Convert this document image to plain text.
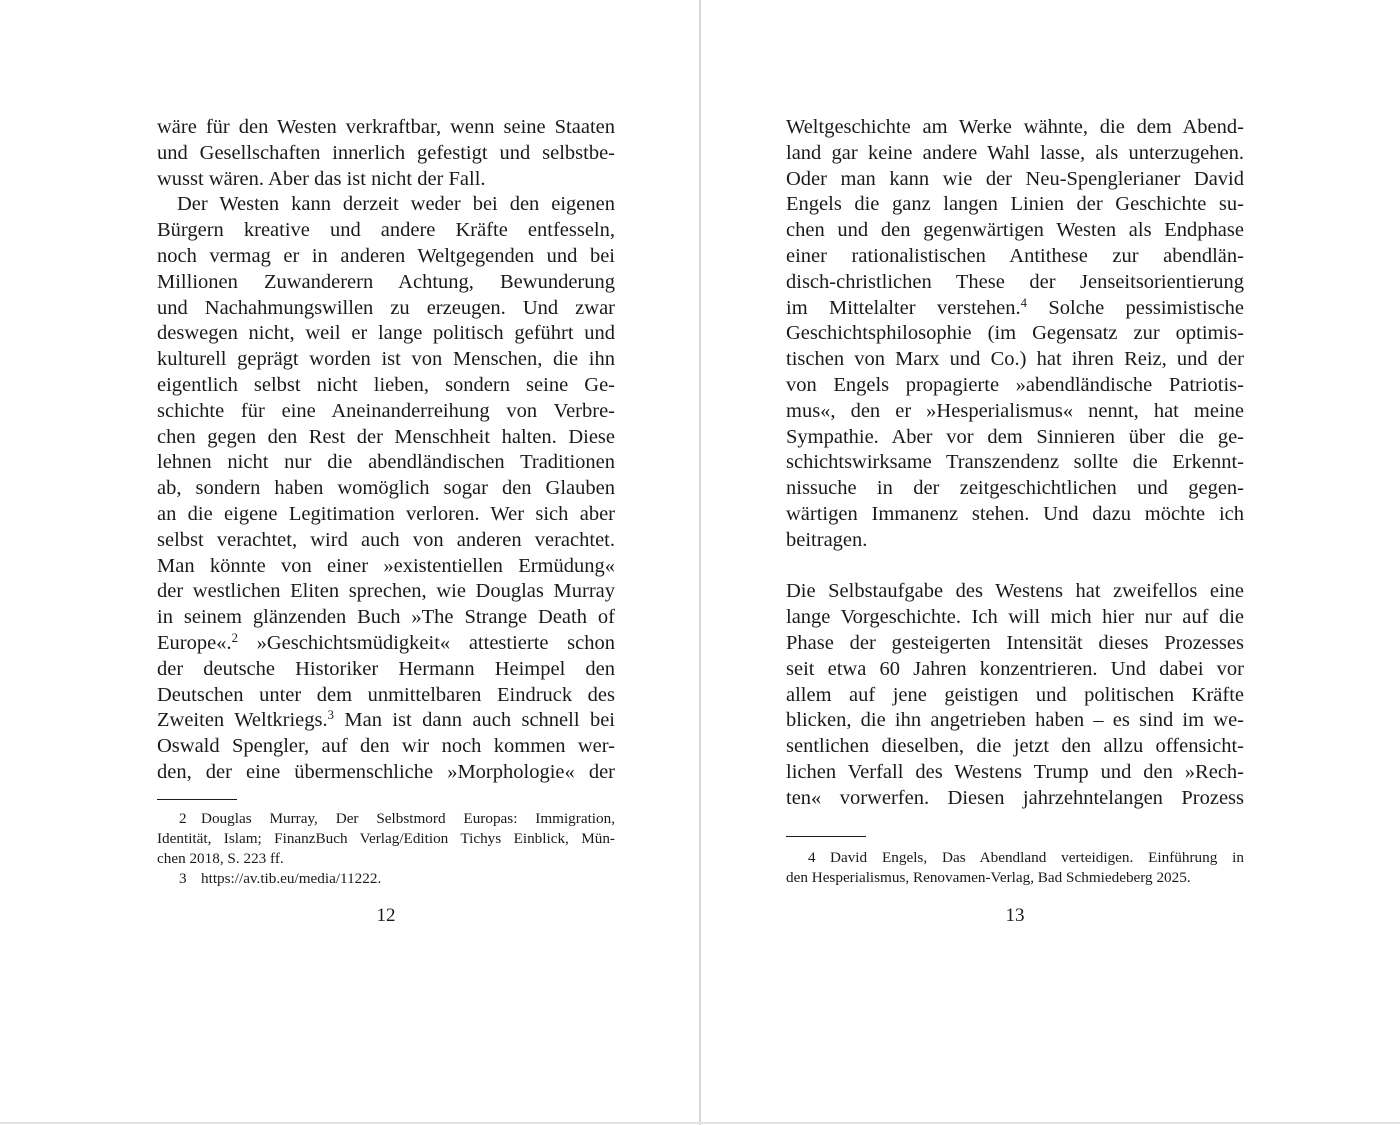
wäre für den Westen verkraftbar, wenn seine Staaten
und Gesellschaften innerlich gefestigt und selbstbe-
wusst wären. Aber das ist nicht der Fall.
Der Westen kann derzeit weder bei den eigenen
Bürgern kreative und andere Kräfte entfesseln,
noch vermag er in anderen Weltgegenden und bei
Millionen Zuwanderern Achtung, Bewunderung
und Nachahmungswillen zu erzeugen. Und zwar
deswegen nicht, weil er lange politisch geführt und
kulturell geprägt worden ist von Menschen, die ihn
eigentlich selbst nicht lieben, sondern seine Ge-
schichte für eine Aneinanderreihung von Verbre-
chen gegen den Rest der Menschheit halten. Diese
lehnen nicht nur die abendländischen Traditionen
ab, sondern haben womöglich sogar den Glauben
an die eigene Legitimation verloren. Wer sich aber
selbst verachtet, wird auch von anderen verachtet.
Man könnte von einer »existentiellen Ermüdung«
der westlichen Eliten sprechen, wie Douglas Murray
in seinem glänzenden Buch »The Strange Death of
Europe«.$^2$ »Geschichtsmüdigkeit« attestierte schon
der deutsche Historiker Hermann Heimpel den
Deutschen unter dem unmittelbaren Eindruck des
Zweiten Weltkriegs.$^3$ Man ist dann auch schnell bei
Oswald Spengler, auf den wir noch kommen wer-
den, der eine übermenschliche »Morphologie« der
2 Douglas Murray, Der Selbstmord Europas: Immigration,
Identität, Islam; FinanzBuch Verlag/Edition Tichys Einblick, Mün-
chen 2018, S. 223 ff.
3 https://av.tib.eu/media/11222.
12
Weltgeschichte am Werke wähnte, die dem Abend-
land gar keine andere Wahl lasse, als unterzugehen.
Oder man kann wie der Neu-Spenglerianer David
Engels die ganz langen Linien der Geschichte su-
chen und den gegenwärtigen Westen als Endphase
einer rationalistischen Antithese zur abendlän-
disch-christlichen These der Jenseitsorientierung
im Mittelalter verstehen.$^4$ Solche pessimistische
Geschichtsphilosophie (im Gegensatz zur optimis-
tischen von Marx und Co.) hat ihren Reiz, und der
von Engels propagierte »abendländische Patriotis-
mus«, den er »Hesperialismus« nennt, hat meine
Sympathie. Aber vor dem Sinnieren über die ge-
schichtswirksame Transzendenz sollte die Erkennt-
nissuche in der zeitgeschichtlichen und gegen-
wärtigen Immanenz stehen. Und dazu möchte ich
beitragen.
Die Selbstaufgabe des Westens hat zweifellos eine
lange Vorgeschichte. Ich will mich hier nur auf die
Phase der gesteigerten Intensität dieses Prozesses
seit etwa 60 Jahren konzentrieren. Und dabei vor
allem auf jene geistigen und politischen Kräfte
blicken, die ihn angetrieben haben – es sind im we-
sentlichen dieselben, die jetzt den allzu offensicht-
lichen Verfall des Westens Trump und den »Rech-
ten« vorwerfen. Diesen jahrzehntelangen Prozess
4 David Engels, Das Abendland verteidigen. Einführung in
den Hesperialismus, Renovamen-Verlag, Bad Schmiedeberg 2025.
13
